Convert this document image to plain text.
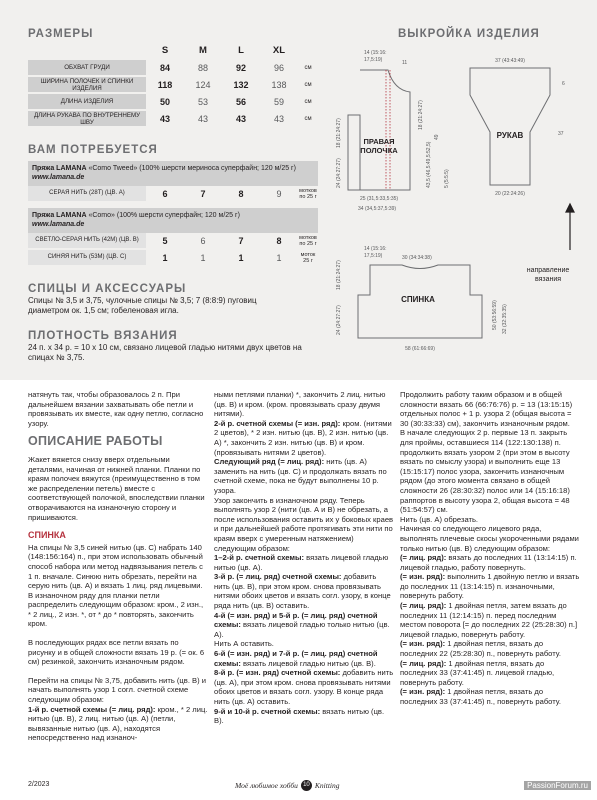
РАЗМЕРЫ
	S	M	L	XL	
ОБХВАТ ГРУДИ	84	88	92	96	см
ШИРИНА ПОЛОЧЕК И СПИНКИ ИЗДЕЛИЯ	118	124	132	138	см
ДЛИНА ИЗДЕЛИЯ	50	53	56	59	см
ДЛИНА РУКАВА ПО ВНУТРЕННЕМУ ШВУ	43	43	43	43	см
ВАМ ПОТРЕБУЕТСЯ
Пряжа LAMANA «Como Tweed» (100% шерсти мериноса суперфайн; 120 м/25 г)
www.lamana.de
СЕРАЯ НИТЬ (28T) (ЦВ. A)	6	7	8	9	мотков по 25 г
Пряжа LAMANA «Como» (100% шерсти суперфайн; 120 м/25 г)
www.lamana.de
СВЕТЛО-СЕРАЯ НИТЬ (42M) (ЦВ. B)	5	6	7	8	мотков по 25 г
СИНЯЯ НИТЬ (53M) (ЦВ. C)	1	1	1	1	моток 25 г
СПИЦЫ И АКСЕССУАРЫ
Спицы № 3,5 и 3,75, чулочные спицы № 3,5; 7 (8:8:9) пуговиц диаметром ок. 1,5 см; гобеленовая игла.
ПЛОТНОСТЬ ВЯЗАНИЯ
24 п. х 34 р. = 10 х 10 см, связано лицевой гладью нитями двух цветов на спицах № 3,75.
ВЫКРОЙКА ИЗДЕЛИЯ
ПРАВАЯ
ПОЛОЧКА
РУКАВ
СПИНКА
направление
вязания
14 (15:16:
17,5:19)	11
25 (31,5:33,5:35)
34 (34,5:37,5:39)
18 (21:24:27)
24 (24:27:27)
18 (21:24:27)
43,5 (46,5:49,5:52,5)
49
5 (5:5:5)
37 (43:43:49)
20 (22:24:26)
6
37
14 (15:16:
17,5:19)	30 (34:34:38)
18 (21:24:27)
24 (24:27:27)	50 (53:56:59) 32 (32:35:35)
58 (61:66:69)

натянуть так, чтобы образовалось 2 п. При дальнейшем вязании захватывать обе петли и провязывать их вместе, как одну петлю, согласно узору.

ОПИСАНИЕ РАБОТЫ

Жакет вяжется снизу вверх отдельными деталями, начиная от нижней планки. Планки по краям полочек вяжутся (преимущественно в том же распределении петель) вместе с соответствующей полочкой, впоследствии планки отворачиваются на изнаночную сторону и пришиваются.

СПИНКА

На спицы № 3,5 синей нитью (цв. С) набрать 140 (148:156:164) п., при этом использовать обычный способ набора или метод надвязывания петель с 1 п. вначале. Синюю нить обрезать, перейти на серую нить (цв. А) и вязать 1 лиц. ряд лицевыми. В изнаночном ряду для планки петли распределить следующим образом: кром., 2 изн., * 2 лиц., 2 изн. *, от * до * повторять, закончить кром.

В последующих рядах все петли вязать по рисунку и в общей сложности вязать 19 р. (= ок. 6 см) резинкой, закончить изнаночным рядом.

Перейти на спицы № 3,75, добавить нить (цв. В) и начать выполнять узор 1 согл. счетной схеме следующим образом:

1-й р. счетной схемы (= лиц. ряд): кром., * 2 лиц. нитью (цв. В), 2 лиц. нитью (цв. А) (петли, вывязанные нитью (цв. А), находятся непосредственно над изнаноч-

ными петлями планки) *, закончить 2 лиц. нитью (цв. В) и кром. (кром. провязывать сразу двумя нитями).

2-й р. счетной схемы (= изн. ряд): кром. (нитями 2 цветов), * 2 изн. нитью (цв. В), 2 изн. нитью (цв. А) *, закончить 2 изн. нитью (цв. В) и кром. (провязывать нитями 2 цветов).

Следующий ряд (= лиц. ряд): нить (цв. А) заменить на нить (цв. С) и продолжать вязать по счетной схеме, пока не будут выполнены 10 р. узора.

Узор закончить в изнаночном ряду. Теперь выполнять узор 2 (нити (цв. А и В) не обрезать, а после использования оставить их у боковых краев и при дальнейшей работе протягивать эти нити по краям вверх с умеренным натяжением) следующим образом:

1–2-й р. счетной схемы: вязать лицевой гладью нитью (цв. А).

3-й р. (= лиц. ряд) счетной схемы: добавить нить (цв. В), при этом кром. снова провязывать нитями обоих цветов и вязать согл. узору, в конце ряда нить (цв. В) оставить.

4-й (= изн. ряд) и 5-й р. (= лиц. ряд) счетной схемы: вязать лицевой гладью только нитью (цв. А).

Нить А оставить.

6-й (= изн. ряд) и 7-й р. (= лиц. ряд) счетной схемы: вязать лицевой гладью нитью (цв. В).

8-й р. (= изн. ряд) счетной схемы: добавить нить (цв. А), при этом кром. снова провязывать нитями обоих цветов и вязать согл. узору. В конце ряда нить (цв. А) оставить.

9-й и 10-й р. счетной схемы: вязать нитью (цв. В).

Продолжить работу таким образом и в общей сложности вязать 66 (66:76:76) р. = 13 (13:15:15) отдельных полос + 1 р. узора 2 (общая высота = 30 (30:33:33) см), закончить изнаночным рядом.

В начале следующих 2 р. первые 13 п. закрыть для проймы, оставшиеся 114 (122:130:138) п. продолжить вязать узором 2 (при этом в высоту вязать по смыслу узора) и выполнить еще 13 (15:15:17) полос узора, закончить изнаночным рядом (до этого момента связано в общей сложности 26 (28:30:32) полос или 14 (15:16:18) раппортов в высоту узора 2, общая высота = 48 (51:54:57) см.

Нить (цв. А) обрезать.

Начиная со следующего лицевого ряда, выполнять плечевые скосы укороченными рядами только нитью (цв. В) следующим образом:

(= лиц. ряд): вязать до последних 11 (13:14:15) п. лицевой гладью, работу повернуть.

(= изн. ряд): выполнить 1 двойную петлю и вязать до последних 11 (13:14:15) п. изнаночными, повернуть работу.

(= лиц. ряд): 1 двойная петля, затем вязать до последних 11 (12:14:15) п. перед последним местом поворота [= до последних 22 (25:28:30) п.] лицевой гладью, повернуть работу.

(= изн. ряд): 1 двойная петля, вязать до последних 22 (25:28:30) п., повернуть работу.

(= лиц. ряд): 1 двойная петля, вязать до последних 33 (37:41:45) п. лицевой гладью, повернуть работу.

(= изн. ряд): 1 двойная петля, вязать до последних 33 (37:41:45) п., повернуть работу.

2/2023	Моё любимое хобби 10 Knitting	PassionForum.ru
